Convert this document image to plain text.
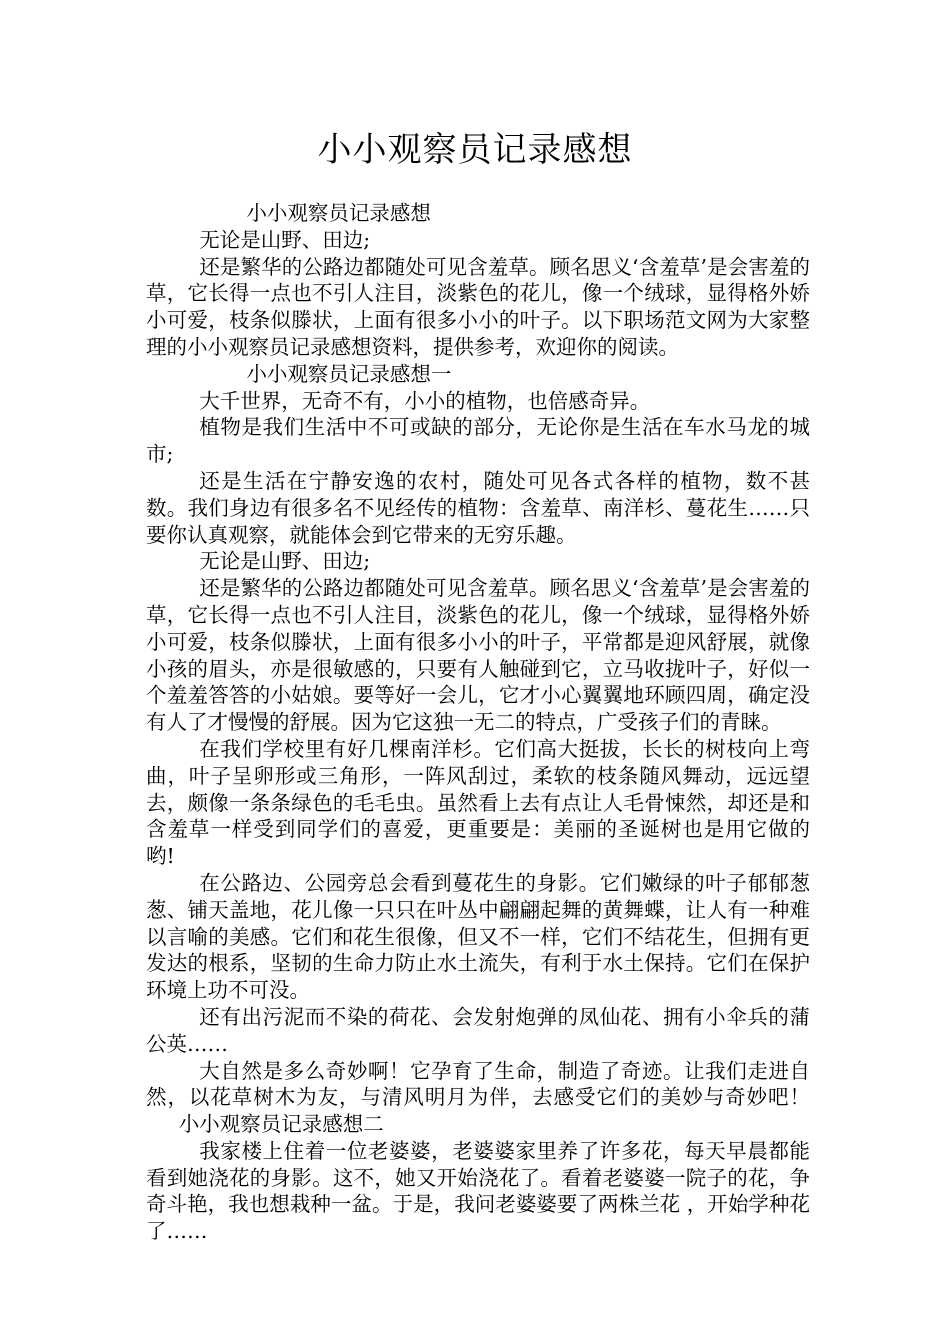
小小观察员记录感想

小小观察员记录感想

无论是山野、田边;

还是繁华的公路边都随处可见含羞草。顾名思义‘含羞草’是会害羞的草，它长得一点也不引人注目，淡紫色的花儿，像一个绒球，显得格外娇小可爱，枝条似滕状，上面有很多小小的叶子。以下职场范文网为大家整理的小小观察员记录感想资料，提供参考，欢迎你的阅读。

小小观察员记录感想一

大千世界，无奇不有，小小的植物，也倍感奇异。

植物是我们生活中不可或缺的部分，无论你是生活在车水马龙的城市;

还是生活在宁静安逸的农村，随处可见各式各样的植物，数不甚数。我们身边有很多名不见经传的植物：含羞草、南洋杉、蔓花生……只要你认真观察，就能体会到它带来的无穷乐趣。

无论是山野、田边;

还是繁华的公路边都随处可见含羞草。顾名思义‘含羞草’是会害羞的草，它长得一点也不引人注目，淡紫色的花儿，像一个绒球，显得格外娇小可爱，枝条似滕状，上面有很多小小的叶子，平常都是迎风舒展，就像小孩的眉头，亦是很敏感的，只要有人触碰到它，立马收拢叶子，好似一个羞羞答答的小姑娘。要等好一会儿，它才小心翼翼地环顾四周，确定没有人了才慢慢的舒展。因为它这独一无二的特点，广受孩子们的青睐。

在我们学校里有好几棵南洋杉。它们高大挺拔，长长的树枝向上弯曲，叶子呈卵形或三角形，一阵风刮过，柔软的枝条随风舞动，远远望去，颇像一条条绿色的毛毛虫。虽然看上去有点让人毛骨悚然，却还是和含羞草一样受到同学们的喜爱，更重要是：美丽的圣诞树也是用它做的哟!

在公路边、公园旁总会看到蔓花生的身影。它们嫩绿的叶子郁郁葱葱、铺天盖地，花儿像一只只在叶丛中翩翩起舞的黄舞蝶，让人有一种难以言喻的美感。它们和花生很像，但又不一样，它们不结花生，但拥有更发达的根系，坚韧的生命力防止水土流失，有利于水土保持。它们在保护环境上功不可没。

还有出污泥而不染的荷花、会发射炮弹的凤仙花、拥有小伞兵的蒲公英……

大自然是多么奇妙啊！它孕育了生命，制造了奇迹。让我们走进自然，以花草树木为友，与清风明月为伴，去感受它们的美妙与奇妙吧！小小观察员记录感想二

我家楼上住着一位老婆婆，老婆婆家里养了许多花，每天早晨都能看到她浇花的身影。这不，她又开始浇花了。看着老婆婆一院子的花，争奇斗艳，我也想栽种一盆。于是，我问老婆婆要了两株兰花 ，开始学种花了……
